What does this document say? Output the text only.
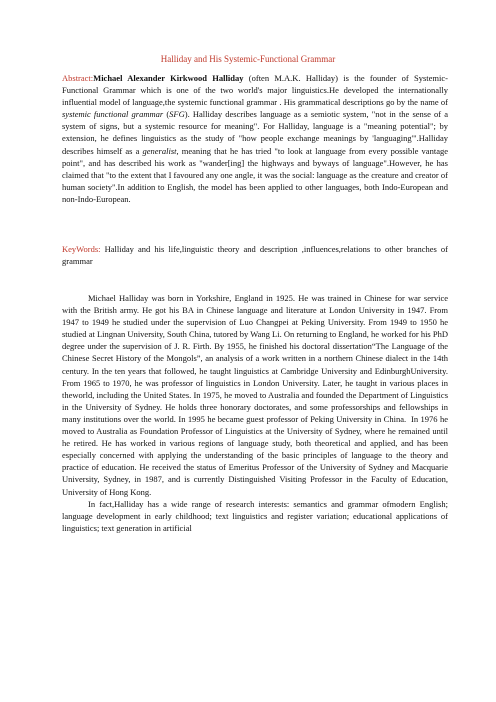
Halliday and His Systemic-Functional Grammar
Abstract:Michael Alexander Kirkwood Halliday (often M.A.K. Halliday) is the founder of Systemic-Functional Grammar which is one of the two world's major linguistics.He developed the internationally influential model of language,the systemic functional grammar . His grammatical descriptions go by the name of systemic functional grammar (SFG). Halliday describes language as a semiotic system, "not in the sense of a system of signs, but a systemic resource for meaning". For Halliday, language is a "meaning potential"; by extension, he defines linguistics as the study of "how people exchange meanings by 'languaging'".Halliday describes himself as a generalist, meaning that he has tried "to look at language from every possible vantage point", and has described his work as "wander[ing] the highways and byways of language".However, he has claimed that "to the extent that I favoured any one angle, it was the social: language as the creature and creator of human society".In addition to English, the model has been applied to other languages, both Indo-European and non-Indo-European.
KeyWords: Halliday and his life,linguistic theory and description ,influences,relations to other branches of grammar

Michael Halliday was born in Yorkshire, England in 1925. He was trained in Chinese for war service with the British army. He got his BA in Chinese language and literature at London University in 1947. From 1947 to 1949 he studied under the supervision of Luo Changpei at Peking University. From 1949 to 1950 he studied at Lingnan University, South China, tutored by Wang Li. On returning to England, he worked for his PhD degree under the supervision of J. R. Firth. By 1955, he finished his doctoral dissertation“The Language of the Chinese Secret History of the Mongols”, an analysis of a work written in a northern Chinese dialect in the 14th century. In the ten years that followed, he taught linguistics at Cambridge University and EdinburghUniversity. From 1965 to 1970, he was professor of linguistics in London University. Later, he taught in various places in theworld, including the United States. In 1975, he moved to Australia and founded the Department of Linguistics in the University of Sydney. He holds three honorary doctorates, and some professorships and fellowships in many institutions over the world. In 1995 he became guest professor of Peking University in China.  In 1976 he moved to Australia as Foundation Professor of Linguistics at the University of Sydney, where he remained until he retired. He has worked in various regions of language study, both theoretical and applied, and has been especially concerned with applying the understanding of the basic principles of language to the theory and practice of education. He received the status of Emeritus Professor of the University of Sydney and Macquarie University, Sydney, in 1987, and is currently Distinguished Visiting Professor in the Faculty of Education, University of Hong Kong.

In fact,Halliday has a wide range of research interests: semantics and grammar ofmodern English; language development in early childhood; text linguistics and register variation; educational applications of linguistics; text generation in artificial
